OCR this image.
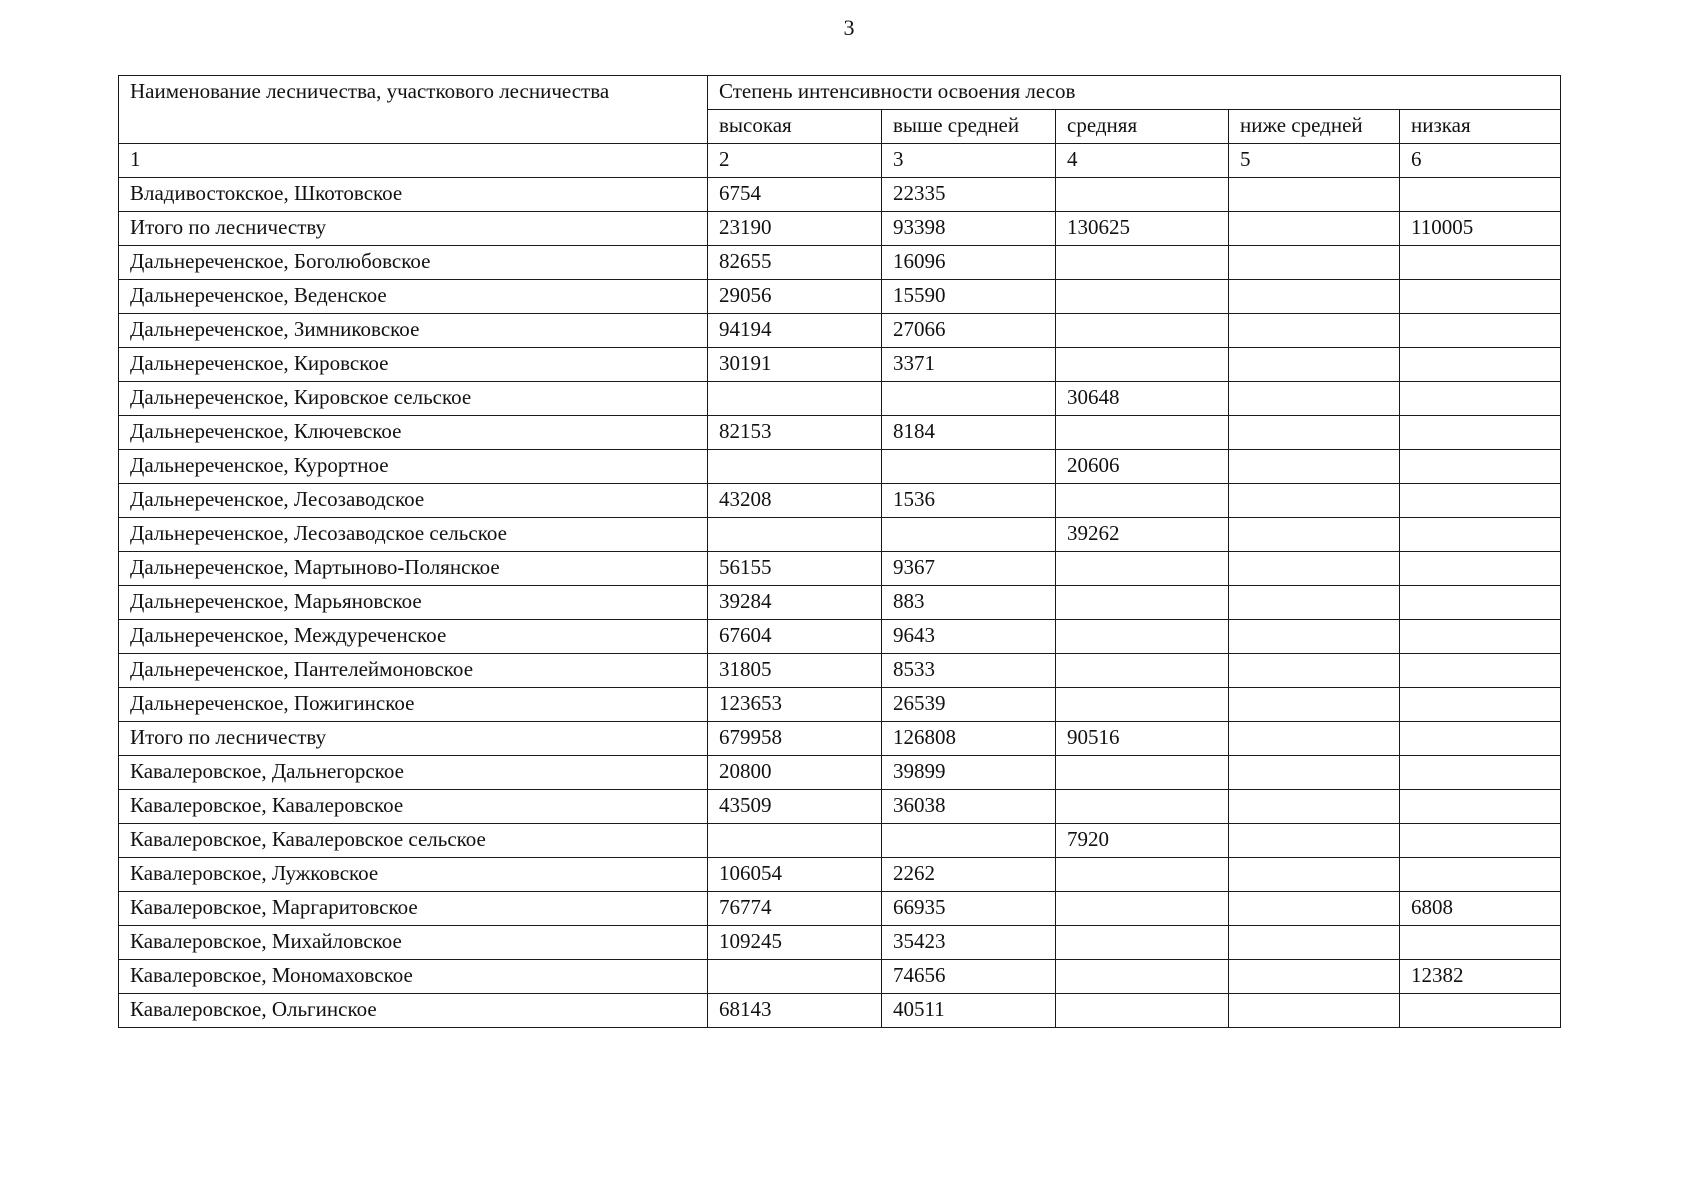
3
Наименование лесничества, участкового лесничества	Степень интенсивности освоения лесов				
	высокая	выше средней	средняя	ниже средней	низкая
1	2	3	4	5	6
Владивостокское, Шкотовское	6754	22335			
Итого по лесничеству	23190	93398	130625		110005
Дальнереченское, Боголюбовское	82655	16096			
Дальнереченское, Веденское	29056	15590			
Дальнереченское, Зимниковское	94194	27066			
Дальнереченское, Кировское	30191	3371			
Дальнереченское, Кировское сельское			30648		
Дальнереченское, Ключевское	82153	8184			
Дальнереченское, Курортное			20606		
Дальнереченское, Лесозаводское	43208	1536			
Дальнереченское, Лесозаводское сельское			39262		
Дальнереченское, Мартыново-Полянское	56155	9367			
Дальнереченское, Марьяновское	39284	883			
Дальнереченское, Междуреченское	67604	9643			
Дальнереченское, Пантелеймоновское	31805	8533			
Дальнереченское, Пожигинское	123653	26539			
Итого по лесничеству	679958	126808	90516		
Кавалеровское, Дальнегорское	20800	39899			
Кавалеровское, Кавалеровское	43509	36038			
Кавалеровское, Кавалеровское сельское			7920		
Кавалеровское, Лужковское	106054	2262			
Кавалеровское, Маргаритовское	76774	66935			6808
Кавалеровское, Михайловское	109245	35423			
Кавалеровское, Мономаховское		74656			12382
Кавалеровское, Ольгинское	68143	40511			
